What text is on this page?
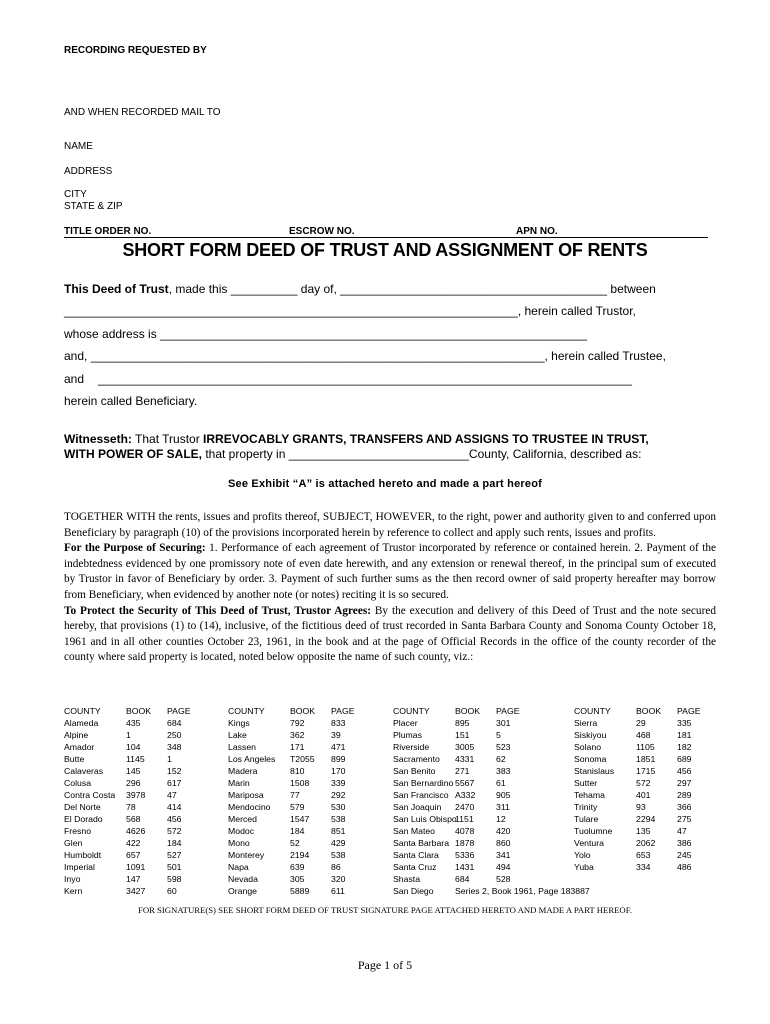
RECORDING REQUESTED BY
AND WHEN RECORDED MAIL TO
NAME
ADDRESS
CITY
STATE & ZIP
TITLE ORDER NO.	ESCROW NO.	APN NO.
SHORT FORM DEED OF TRUST AND ASSIGNMENT OF RENTS
This Deed of Trust, made this __________ day of, ________________________________________ between
____________________________________________________________________, herein called Trustor,
whose address is ________________________________________________________________
and, ____________________________________________________________________, herein called Trustee,
and ________________________________________________________________________________
herein called Beneficiary.
Witnesseth: That Trustor IRREVOCABLY GRANTS, TRANSFERS AND ASSIGNS TO TRUSTEE IN TRUST,
WITH POWER OF SALE, that property in ___________________________County, California, described as:
See Exhibit “A” is attached hereto and made a part hereof

TOGETHER WITH the rents, issues and profits thereof, SUBJECT, HOWEVER, to the right, power and authority given to and conferred upon Beneficiary by paragraph (10) of the provisions incorporated herein by reference to collect and apply such rents, issues and profits.

For the Purpose of Securing: 1. Performance of each agreement of Trustor incorporated by reference or contained herein. 2. Payment of the indebtedness evidenced by one promissory note of even date herewith, and any extension or renewal thereof, in the principal sum of executed by Trustor in favor of Beneficiary by order. 3. Payment of such further sums as the then record owner of said property hereafter may borrow from Beneficiary, when evidenced by another note (or notes) reciting it is so secured.

To Protect the Security of This Deed of Trust, Trustor Agrees: By the execution and delivery of this Deed of Trust and the note secured hereby, that provisions (1) to (14), inclusive, of the fictitious deed of trust recorded in Santa Barbara County and Sonoma County October 18, 1961 and in all other counties October 23, 1961, in the book and at the page of Official Records in the office of the county recorder of the county where said property is located, noted below opposite the name of such county, viz.:

COUNTY
Alameda
Alpine
Amador
Butte
Calaveras
Colusa
Contra Costa
Del Norte
El Dorado
Fresno
Glen
Humboldt
Imperial
Inyo
Kern
BOOK
435
1
104
1145
145
296
3978
78
568
4626
422
657
1091
147
3427
PAGE
684
250
348
1
152
617
47
414
456
572
184
527
501
598
60
COUNTY
Kings
Lake
Lassen
Los Angeles
Madera
Marin
Mariposa
Mendocino
Merced
Modoc
Mono
Monterey
Napa
Nevada
Orange
BOOK
792
362
171
T2055
810
1508
77
579
1547
184
52
2194
639
305
5889
PAGE
833
39
471
899
170
339
292
530
538
851
429
538
86
320
611
COUNTY
Placer
Plumas
Riverside
Sacramento
San Benito
San Bernardino
San Francisco
San Joaquin
San Luis Obispo
San Mateo
Santa Barbara
Santa Clara
Santa Cruz
Shasta
San Diego
BOOK
895
151
3005
4331
271
5567
A332
2470
1151
4078
1878
5336
1431
684
Series 2, Book 1961, Page 183887
PAGE
301
5
523
62
383
61
905
311
12
420
860
341
494
528
COUNTY
Sierra
Siskiyou
Solano
Sonoma
Stanislaus
Sutter
Tehama
Trinity
Tulare
Tuolumne
Ventura
Yolo
Yuba
BOOK
29
468
1105
1851
1715
572
401
93
2294
135
2062
653
334
PAGE
335
181
182
689
456
297
289
366
275
47
386
245
486
FOR SIGNATURE(S) SEE SHORT FORM DEED OF TRUST SIGNATURE PAGE ATTACHED HERETO AND MADE A PART HEREOF.
Page 1 of 5
